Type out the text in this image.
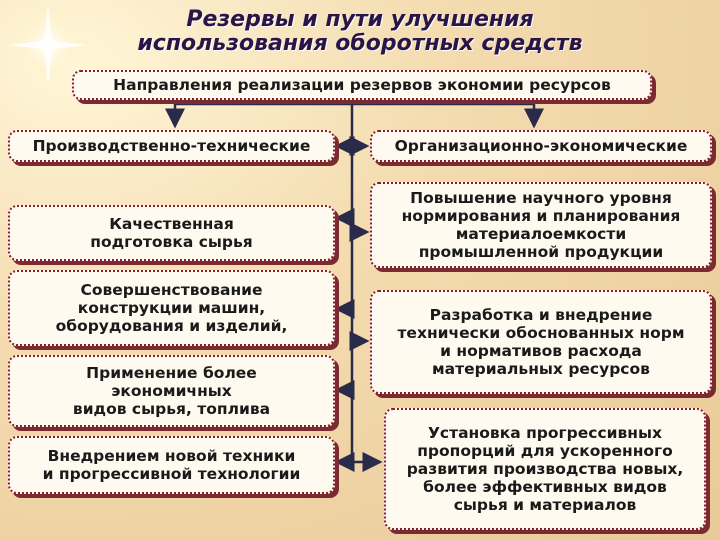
Резервы и пути улучшения
использования оборотных средств
Направления реализации резервов экономии ресурсов
Производственно-технические	Организационно-экономические
Качественная
подготовка сырья
Совершенствование
конструкции машин,
оборудования и изделий,
Применение более
экономичных
видов сырья, топлива
Внедрением новой техники
и прогрессивной технологии
Повышение научного уровня
нормирования и планирования
материалоемкости
промышленной продукции
Разработка и внедрение
технически обоснованных норм
и нормативов расхода
материальных ресурсов
Установка прогрессивных
пропорций для ускоренного
развития производства новых,
более эффективных видов
сырья и материалов
